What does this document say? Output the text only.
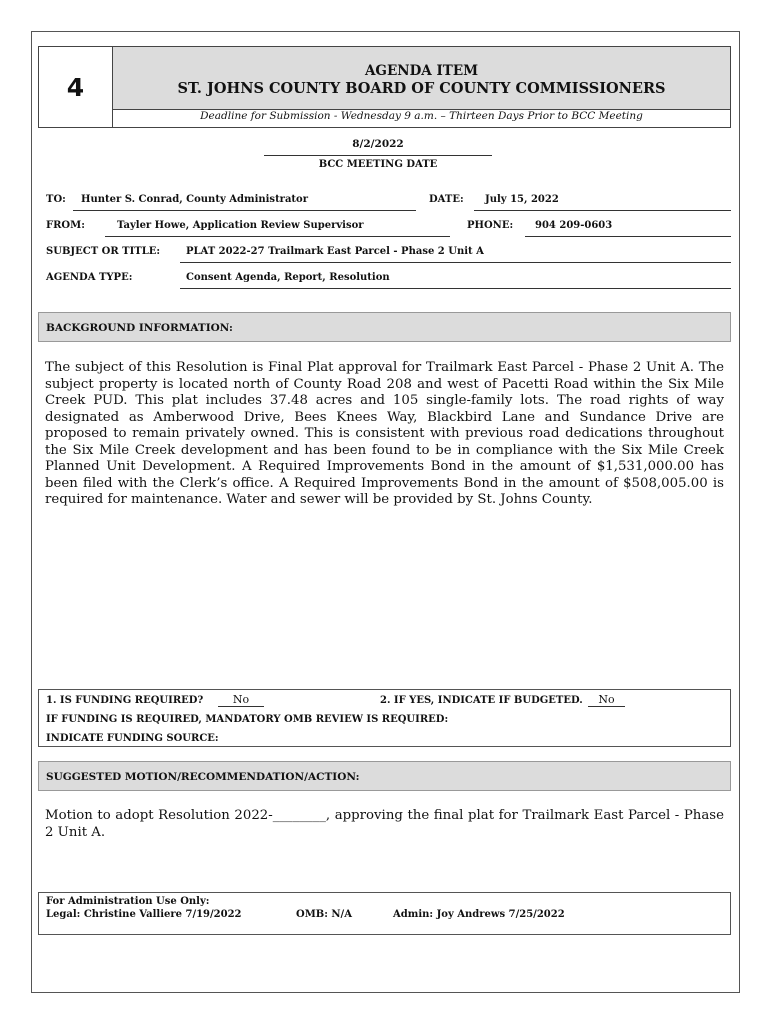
4
AGENDA ITEM
ST. JOHNS COUNTY BOARD OF COUNTY COMMISSIONERS
Deadline for Submission - Wednesday 9 a.m. – Thirteen Days Prior to BCC Meeting
8/2/2022
BCC MEETING DATE
TO: Hunter S. Conrad, County Administrator	DATE: July 15, 2022
FROM:	Tayler Howe, Application Review Supervisor	PHONE: 904 209-0603
SUBJECT OR TITLE:	PLAT 2022-27 Trailmark East Parcel - Phase 2 Unit A
AGENDA TYPE:	Consent Agenda, Report, Resolution
BACKGROUND INFORMATION:
The subject of this Resolution is Final Plat approval for Trailmark East Parcel - Phase 2 Unit A. The subject property is located north of County Road 208 and west of Pacetti Road within the Six Mile Creek PUD. This plat includes 37.48 acres and 105 single-family lots. The road rights of way designated as Amberwood Drive, Bees Knees Way, Blackbird Lane and Sundance Drive are proposed to remain privately owned. This is consistent with previous road dedications throughout the Six Mile Creek development and has been found to be in compliance with the Six Mile Creek Planned Unit Development. A Required Improvements Bond in the amount of $1,531,000.00 has been filed with the Clerk’s office. A Required Improvements Bond in the amount of $508,005.00 is required for maintenance. Water and sewer will be provided by St. Johns County.
1. IS FUNDING REQUIRED?	No	2. IF YES, INDICATE IF BUDGETED.	No
IF FUNDING IS REQUIRED, MANDATORY OMB REVIEW IS REQUIRED:
INDICATE FUNDING SOURCE:
SUGGESTED MOTION/RECOMMENDATION/ACTION:
Motion to adopt Resolution 2022-________, approving the final plat for Trailmark East Parcel - Phase 2 Unit A.
For Administration Use Only:
Legal: Christine Valliere 7/19/2022	OMB: N/A	Admin: Joy Andrews 7/25/2022
